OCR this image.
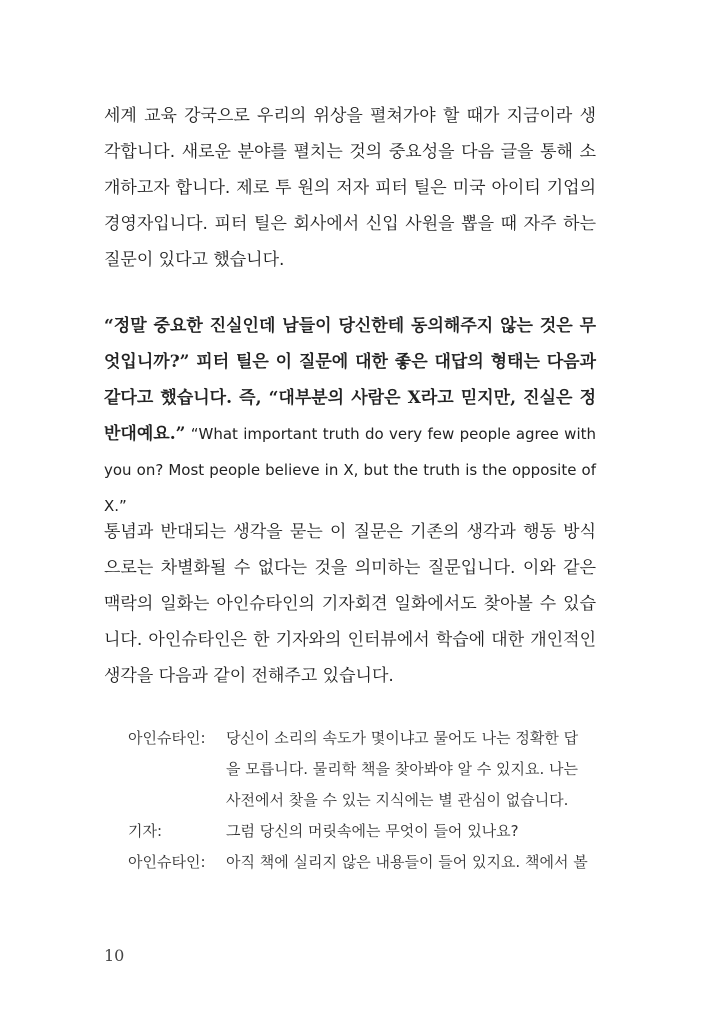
세계 교육 강국으로 우리의 위상을 펼쳐가야 할 때가 지금이라 생각합니다. 새로운 분야를 펼치는 것의 중요성을 다음 글을 통해 소개하고자 합니다. 제로 투 원의 저자 피터 틸은 미국 아이티 기업의 경영자입니다. 피터 틸은 회사에서 신입 사원을 뽑을 때 자주 하는 질문이 있다고 했습니다.

“정말 중요한 진실인데 남들이 당신한테 동의해주지 않는 것은 무엇입니까?” 피터 틸은 이 질문에 대한 좋은 대답의 형태는 다음과 같다고 했습니다. 즉, “대부분의 사람은 X라고 믿지만, 진실은 정반대예요.” “What important truth do very few people agree with you on? Most people believe in X, but the truth is the opposite of X.”

통념과 반대되는 생각을 묻는 이 질문은 기존의 생각과 행동 방식으로는 차별화될 수 없다는 것을 의미하는 질문입니다. 이와 같은 맥락의 일화는 아인슈타인의 기자회견 일화에서도 찾아볼 수 있습니다. 아인슈타인은 한 기자와의 인터뷰에서 학습에 대한 개인적인 생각을 다음과 같이 전해주고 있습니다.

아인슈타인:	당신이 소리의 속도가 몇이냐고 물어도 나는 정확한 답
을 모릅니다. 물리학 책을 찾아봐야 알 수 있지요. 나는
사전에서 찾을 수 있는 지식에는 별 관심이 없습니다.
기자:	그럼 당신의 머릿속에는 무엇이 들어 있나요?
아인슈타인:	아직 책에 실리지 않은 내용들이 들어 있지요. 책에서 볼
10
